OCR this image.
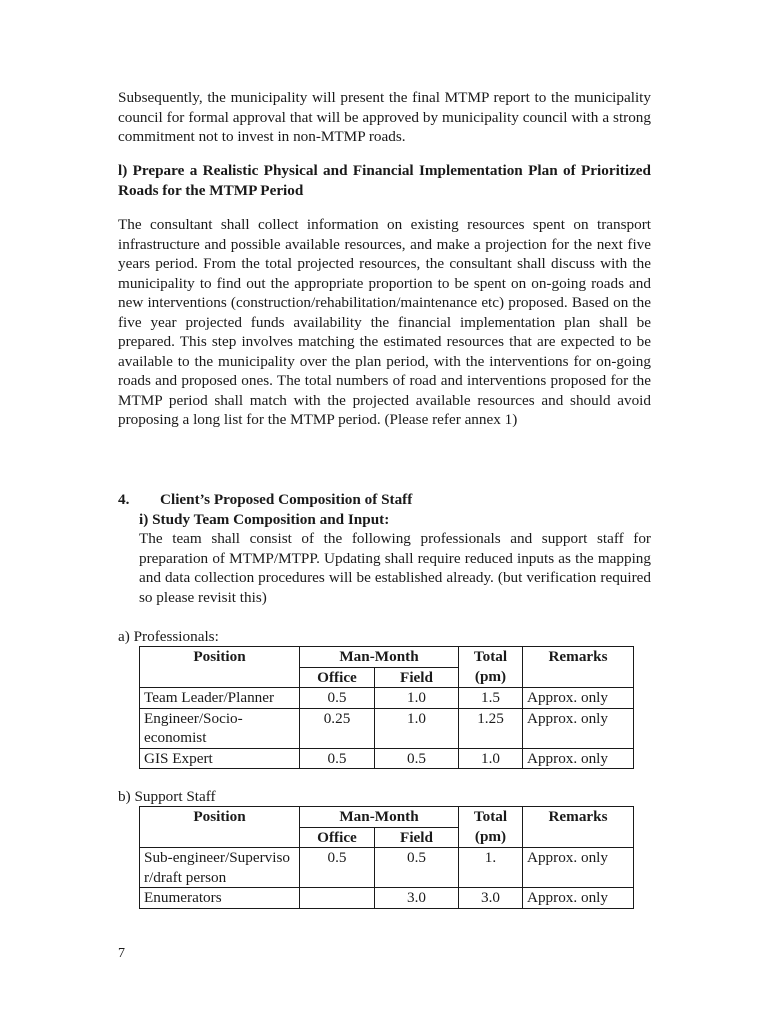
Subsequently, the municipality will present the final MTMP report to the municipality council for formal approval that will be approved by municipality council with a strong commitment not to invest in non-MTMP roads.

l) Prepare a Realistic Physical and Financial Implementation Plan of Prioritized Roads for the MTMP Period

The consultant shall collect information on existing resources spent on transport infrastructure and possible available resources, and make a projection for the next five years period. From the total projected resources, the consultant shall discuss with the municipality to find out the appropriate proportion to be spent on on-going roads and new interventions (construction/rehabilitation/maintenance etc) proposed. Based on the five year projected funds availability the financial implementation plan shall be prepared. This step involves matching the estimated resources that are expected to be available to the municipality over the plan period, with the interventions for on-going roads and proposed ones. The total numbers of road and interventions proposed for the MTMP period shall match with the projected available resources and should avoid proposing a long list for the MTMP period. (Please refer annex 1)

4. Client’s Proposed Composition of Staff
i) Study Team Composition and Input:

The team shall consist of the following professionals and support staff for preparation of MTMP/MTPP. Updating shall require reduced inputs as the mapping and data collection procedures will be established already. (but verification required so please revisit this)

a) Professionals:
Position	Man-Month		Total (pm)	Remarks
	Office	Field		
Team Leader/Planner	0.5	1.0	1.5	Approx. only
Engineer/Socio-economist	0.25	1.0	1.25	Approx. only
GIS Expert	0.5	0.5	1.0	Approx. only
b) Support Staff
Position	Man-Month		Total (pm)	Remarks
	Office	Field		
Sub-engineer/Supervisor/draft person	0.5	0.5	1.	Approx. only
Enumerators		3.0	3.0	Approx. only
7
